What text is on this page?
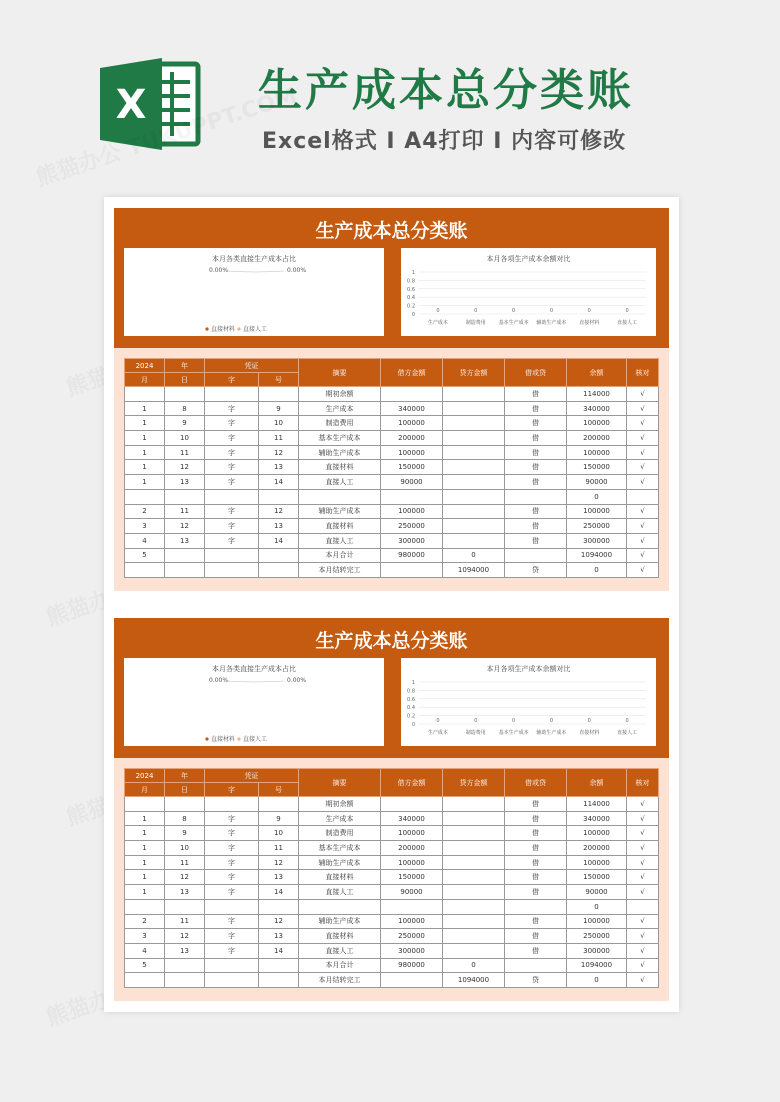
X	生产成本总分类账
Excel格式 I A4打印 I 内容可修改
生产成本总分类账
本月各类直接生产成本占比
0.00%	0.00%
直接材料 直接人工
本月各项生产成本余额对比
1
0.8
0.6
0.4
0.2
0
0
生产成本
0
制造费用
0
基本生产成本
0
辅助生产成本
0
直接材料
0
直接人工
2024	年	凭证		摘要	借方金额	贷方金额	借或贷	余额	核对
月	日	字	号						
				期初余额			借	114000	√
1	8	字	9	生产成本	340000		借	340000	√
1	9	字	10	制造费用	100000		借	100000	√
1	10	字	11	基本生产成本	200000		借	200000	√
1	11	字	12	辅助生产成本	100000		借	100000	√
1	12	字	13	直接材料	150000		借	150000	√
1	13	字	14	直接人工	90000		借	90000	√
								0	
2	11	字	12	辅助生产成本	100000		借	100000	√
3	12	字	13	直接材料	250000		借	250000	√
4	13	字	14	直接人工	300000		借	300000	√
5				本月合计	980000	0		1094000	√
				本月结转完工		1094000	贷	0	√
生产成本总分类账
本月各类直接生产成本占比
0.00%	0.00%
直接材料 直接人工
本月各项生产成本余额对比
1
0.8
0.6
0.4
0.2
0
0
生产成本
0
制造费用
0
基本生产成本
0
辅助生产成本
0
直接材料
0
直接人工
2024	年	凭证		摘要	借方金额	贷方金额	借或贷	余额	核对
月	日	字	号						
				期初余额			借	114000	√
1	8	字	9	生产成本	340000		借	340000	√
1	9	字	10	制造费用	100000		借	100000	√
1	10	字	11	基本生产成本	200000		借	200000	√
1	11	字	12	辅助生产成本	100000		借	100000	√
1	12	字	13	直接材料	150000		借	150000	√
1	13	字	14	直接人工	90000		借	90000	√
								0	
2	11	字	12	辅助生产成本	100000		借	100000	√
3	12	字	13	直接材料	250000		借	250000	√
4	13	字	14	直接人工	300000		借	300000	√
5				本月合计	980000	0		1094000	√
				本月结转完工		1094000	贷	0	√
